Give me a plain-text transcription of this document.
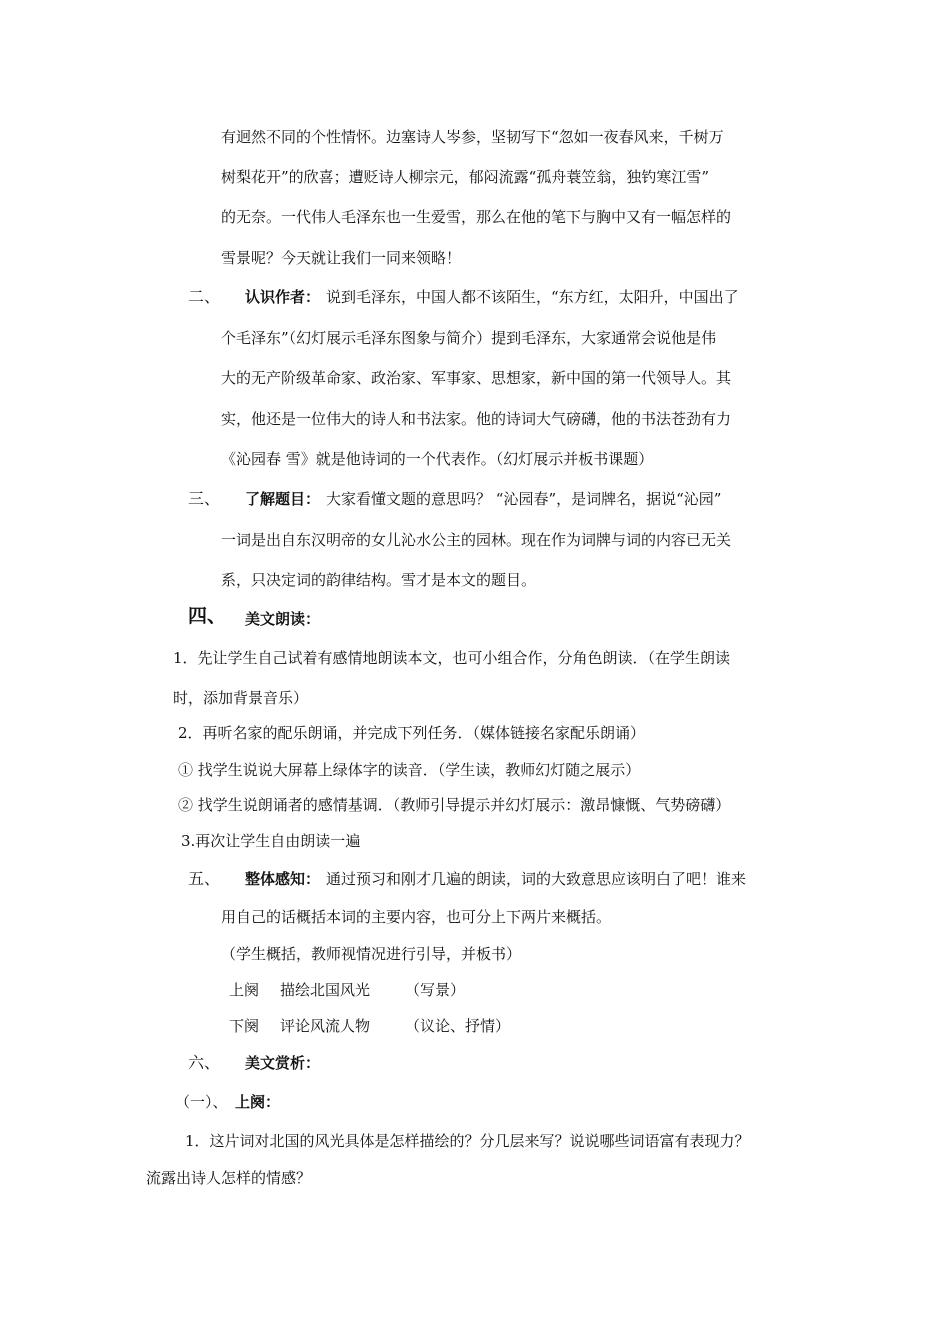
有迥然不同的个性情怀。边塞诗人岑参，坚韧写下“忽如一夜春风来，千树万
树梨花开”的欣喜；遭贬诗人柳宗元，郁闷流露“孤舟蓑笠翁，独钓寒江雪”
的无奈。一代伟人毛泽东也一生爱雪，那么在他的笔下与胸中又有一幅怎样的
雪景呢？今天就让我们一同来领略！
二、 认识作者： 说到毛泽东，中国人都不该陌生，“东方红，太阳升，中国出了
个毛泽东”（幻灯展示毛泽东图象与简介）提到毛泽东，大家通常会说他是伟
大的无产阶级革命家、政治家、军事家、思想家，新中国的第一代领导人。其
实，他还是一位伟大的诗人和书法家。他的诗词大气磅礴，他的书法苍劲有力
《沁园春 雪》就是他诗词的一个代表作。（幻灯展示并板书课题）
三、 了解题目： 大家看懂文题的意思吗？ “沁园春”，是词牌名，据说“沁园”
一词是出自东汉明帝的女儿沁水公主的园林。现在作为词牌与词的内容已无关
系，只决定词的韵律结构。雪才是本文的题目。
四、 美文朗读：
1．先让学生自己试着有感情地朗读本文，也可小组合作，分角色朗读．（在学生朗读
时，添加背景音乐）
2．再听名家的配乐朗诵，并完成下列任务．（媒体链接名家配乐朗诵）
① 找学生说说大屏幕上绿体字的读音．（学生读，教师幻灯随之展示）
② 找学生说朗诵者的感情基调．（教师引导提示并幻灯展示：激昂慷慨、气势磅礴）
3.再次让学生自由朗读一遍
五、 整体感知： 通过预习和刚才几遍的朗读，词的大致意思应该明白了吧！谁来
用自己的话概括本词的主要内容，也可分上下两片来概括。
（学生概括，教师视情况进行引导，并板书）
上阕 描绘北国风光 （写景）
下阕 评论风流人物 （议论、抒情）
六、 美文赏析：
（一）、 上阕：
1．这片词对北国的风光具体是怎样描绘的？分几层来写？说说哪些词语富有表现力？
流露出诗人怎样的情感？
